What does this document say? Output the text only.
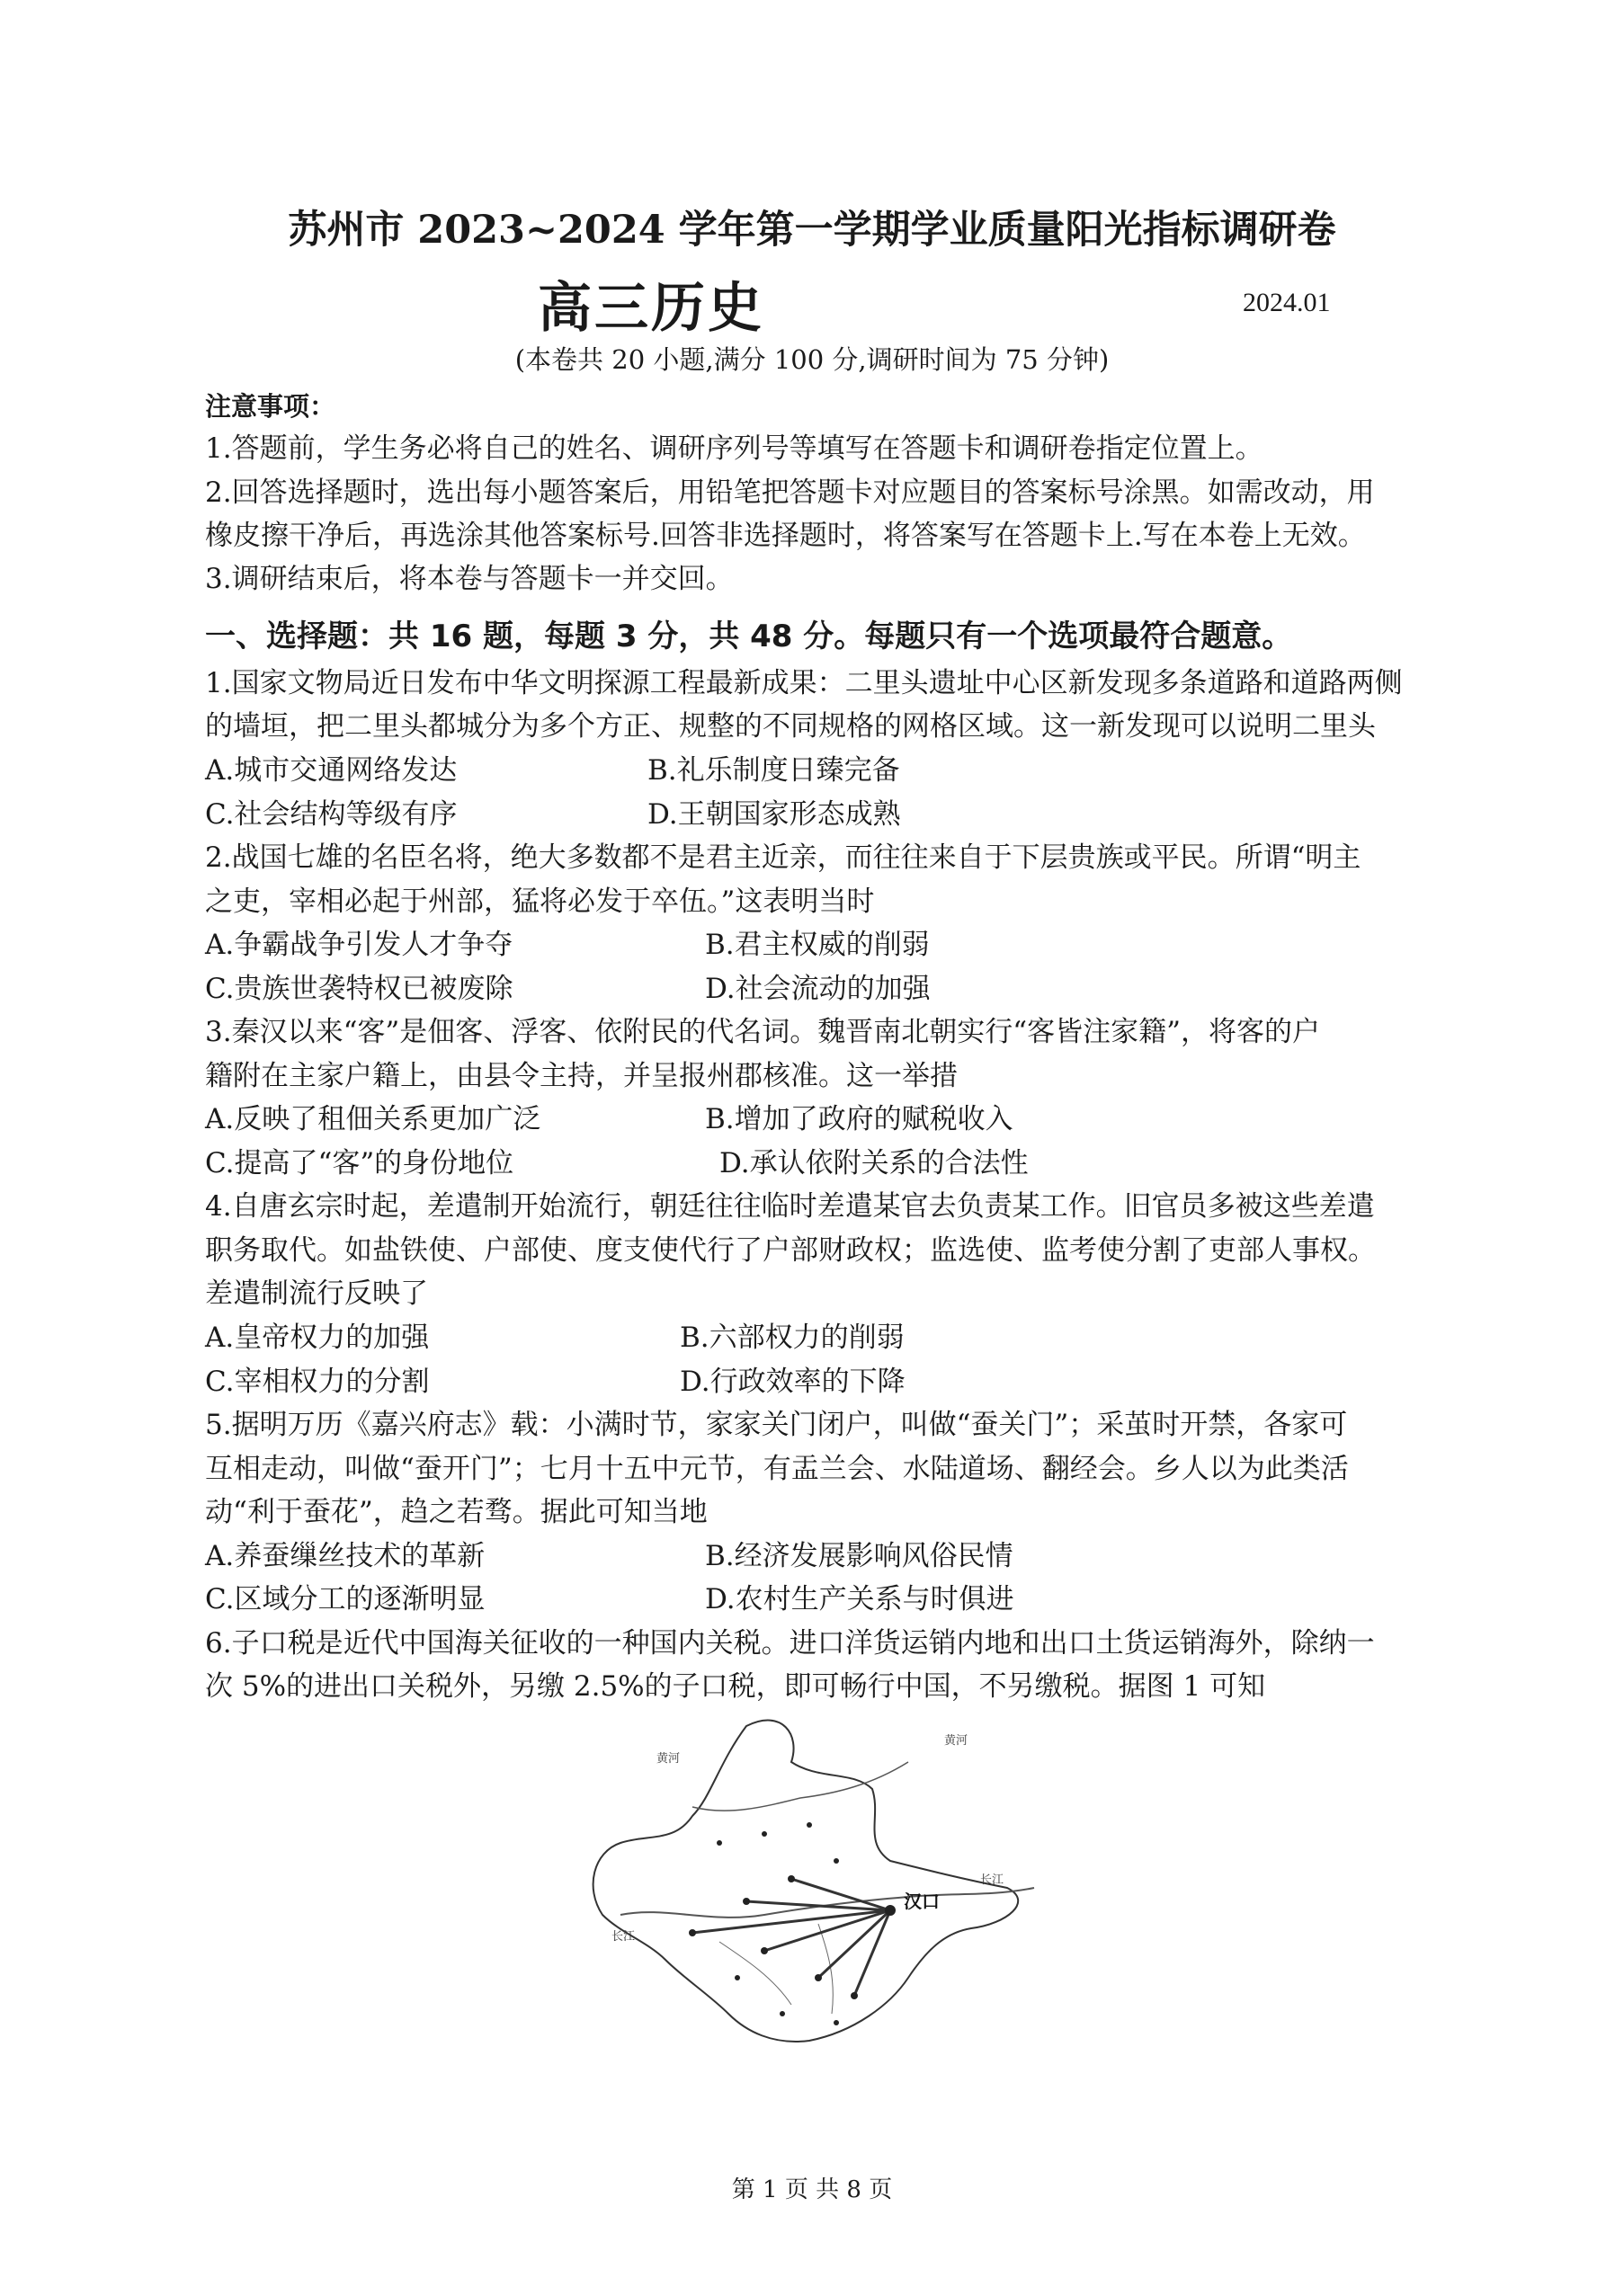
苏州市 2023~2024 学年第一学期学业质量阳光指标调研卷
高三历史	2024.01
(本卷共 20 小题,满分 100 分,调研时间为 75 分钟)
注意事项：
1.答题前，学生务必将自己的姓名、调研序列号等填写在答题卡和调研卷指定位置上。
2.回答选择题时，选出每小题答案后，用铅笔把答题卡对应题目的答案标号涂黑。如需改动，用
橡皮擦干净后，再选涂其他答案标号.回答非选择题时，将答案写在答题卡上.写在本卷上无效。
3.调研结束后，将本卷与答题卡一并交回。
一、选择题：共 16 题，每题 3 分，共 48 分。每题只有一个选项最符合题意。
1.国家文物局近日发布中华文明探源工程最新成果：二里头遗址中心区新发现多条道路和道路两侧
的墙垣，把二里头都城分为多个方正、规整的不同规格的网格区域。这一新发现可以说明二里头
A.城市交通网络发达	B.礼乐制度日臻完备
C.社会结构等级有序	D.王朝国家形态成熟
2.战国七雄的名臣名将，绝大多数都不是君主近亲，而往往来自于下层贵族或平民。所谓“明主
之吏，宰相必起于州部，猛将必发于卒伍。”这表明当时
A.争霸战争引发人才争夺	B.君主权威的削弱
C.贵族世袭特权已被废除	D.社会流动的加强
3.秦汉以来“客”是佃客、浮客、依附民的代名词。魏晋南北朝实行“客皆注家籍”，将客的户
籍附在主家户籍上，由县令主持，并呈报州郡核准。这一举措
A.反映了租佃关系更加广泛	B.增加了政府的赋税收入
C.提高了“客”的身份地位	D.承认依附关系的合法性
4.自唐玄宗时起，差遣制开始流行，朝廷往往临时差遣某官去负责某工作。旧官员多被这些差遣
职务取代。如盐铁使、户部使、度支使代行了户部财政权；监选使、监考使分割了吏部人事权。
差遣制流行反映了
A.皇帝权力的加强	B.六部权力的削弱
C.宰相权力的分割	D.行政效率的下降
5.据明万历《嘉兴府志》载：小满时节，家家关门闭户，叫做“蚕关门”；采茧时开禁，各家可
互相走动，叫做“蚕开门”；七月十五中元节，有盂兰会、水陆道场、翻经会。乡人以为此类活
动“利于蚕花”，趋之若骛。据此可知当地
A.养蚕缫丝技术的革新	B.经济发展影响风俗民情
C.区域分工的逐渐明显	D.农村生产关系与时俱进
6.子口税是近代中国海关征收的一种国内关税。进口洋货运销内地和出口土货运销海外，除纳一
次 5%的进出口关税外，另缴 2.5%的子口税，即可畅行中国，不另缴税。据图 1 可知
汉口
长江
长江
黄河
黄河
第 1 页 共 8 页
